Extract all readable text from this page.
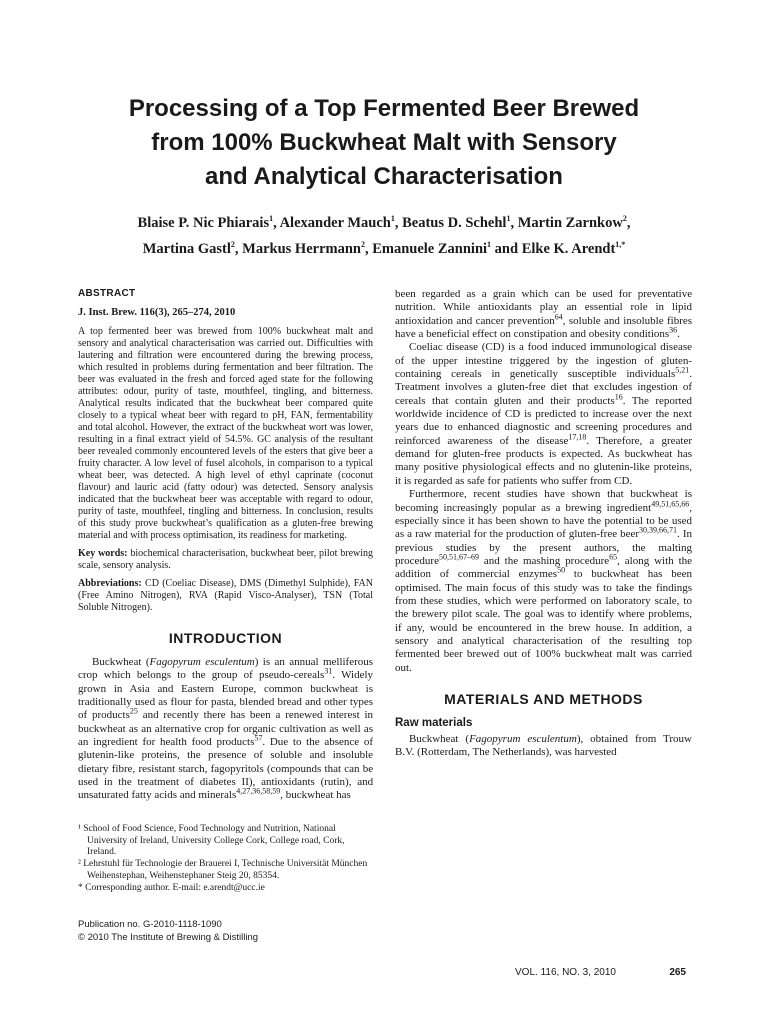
Processing of a Top Fermented Beer Brewed
from 100% Buckwheat Malt with Sensory
and Analytical Characterisation
Blaise P. Nic Phiarais$^1$, Alexander Mauch$^1$, Beatus D. Schehl$^1$, Martin Zarnkow$^2$,
Martina Gastl$^2$, Markus Herrmann$^2$, Emanuele Zannini$^1$ and Elke K. Arendt$^{1,*}$
ABSTRACT
J. Inst. Brew. 116(3), 265–274, 2010

A top fermented beer was brewed from 100% buckwheat malt and sensory and analytical characterisation was carried out. Difficulties with lautering and filtration were encountered during the brewing process, which resulted in problems during fermentation and beer filtration. The beer was evaluated in the fresh and forced aged state for the following attributes: odour, purity of taste, mouthfeel, tingling, and bitterness. Analytical results indicated that the buckwheat beer compared quite closely to a typical wheat beer with regard to pH, FAN, fermentability and total alcohol. However, the extract of the buckwheat wort was lower, resulting in a final extract yield of 54.5%. GC analysis of the resultant beer revealed commonly encountered levels of the esters that give beer a fruity character. A low level of fusel alcohols, in comparison to a typical wheat beer, was detected. A high level of ethyl caprinate (coconut flavour) and lauric acid (fatty odour) was detected. Sensory analysis indicated that the buckwheat beer was acceptable with regard to odour, purity of taste, mouthfeel, tingling and bitterness. In conclusion, results of this study prove buckwheat’s qualification as a gluten-free brewing material and with process optimisation, its readiness for marketing.

Key words: biochemical characterisation, buckwheat beer, pilot brewing scale, sensory analysis.

Abbreviations: CD (Coeliac Disease), DMS (Dimethyl Sulphide), FAN (Free Amino Nitrogen), RVA (Rapid Visco-Analyser), TSN (Total Soluble Nitrogen).

INTRODUCTION

Buckwheat (Fagopyrum esculentum) is an annual melliferous crop which belongs to the group of pseudo-cereals$^{31}$. Widely grown in Asia and Eastern Europe, common buckwheat is traditionally used as flour for pasta, blended bread and other types of products$^{25}$ and recently there has been a renewed interest in buckwheat as an alternative crop for organic cultivation as well as an ingredient for health food products$^{57}$. Due to the absence of glutenin-like proteins, the presence of soluble and insoluble dietary fibre, resistant starch, fagopyritols (compounds that can be used in the treatment of diabetes II), antioxidants (rutin), and unsaturated fatty acids and minerals$^{4,27,36,58,59}$, buckwheat has

been regarded as a grain which can be used for preventative nutrition. While antioxidants play an essential role in lipid antioxidation and cancer prevention$^{64}$, soluble and insoluble fibres have a beneficial effect on constipation and obesity conditions$^{36}$.

Coeliac disease (CD) is a food induced immunological disease of the upper intestine triggered by the ingestion of gluten-containing cereals in genetically susceptible individuals$^{5,21}$. Treatment involves a gluten-free diet that excludes ingestion of cereals that contain gluten and their products$^{16}$. The reported worldwide incidence of CD is predicted to increase over the next years due to enhanced diagnostic and screening procedures and reinforced awareness of the disease$^{17,18}$. Therefore, a greater demand for gluten-free products is expected. As buckwheat has many positive physiological effects and no glutenin-like proteins, it is regarded as safe for patients who suffer from CD.

Furthermore, recent studies have shown that buckwheat is becoming increasingly popular as a brewing ingredient$^{49,51,65,66}$, especially since it has been shown to have the potential to be used as a raw material for the production of gluten-free beer$^{30,39,66,71}$. In previous studies by the present authors, the malting procedure$^{50,51,67-69}$ and the mashing procedure$^{65}$, along with the addition of commercial enzymes$^{50}$ to buckwheat has been optimised. The main focus of this study was to take the findings from these studies, which were performed on laboratory scale, to the brewery pilot scale. The goal was to identify where problems, if any, would be encountered in the brew house. In addition, a sensory and analytical characterisation of the resulting top fermented beer brewed out of 100% buckwheat malt was carried out.

MATERIALS AND METHODS
Raw materials

Buckwheat (Fagopyrum esculentum), obtained from Trouw B.V. (Rotterdam, The Netherlands), was harvested

¹ School of Food Science, Food Technology and Nutrition, National University of Ireland, University College Cork, College road, Cork, Ireland.

² Lehrstuhl für Technologie der Brauerei I, Technische Universität München Weihenstephan, Weihenstephaner Steig 20, 85354.

* Corresponding author. E-mail: e.arendt@ucc.ie

Publication no. G-2010-1118-1090
© 2010 The Institute of Brewing & Distilling
VOL. 116, NO. 3, 2010	265
